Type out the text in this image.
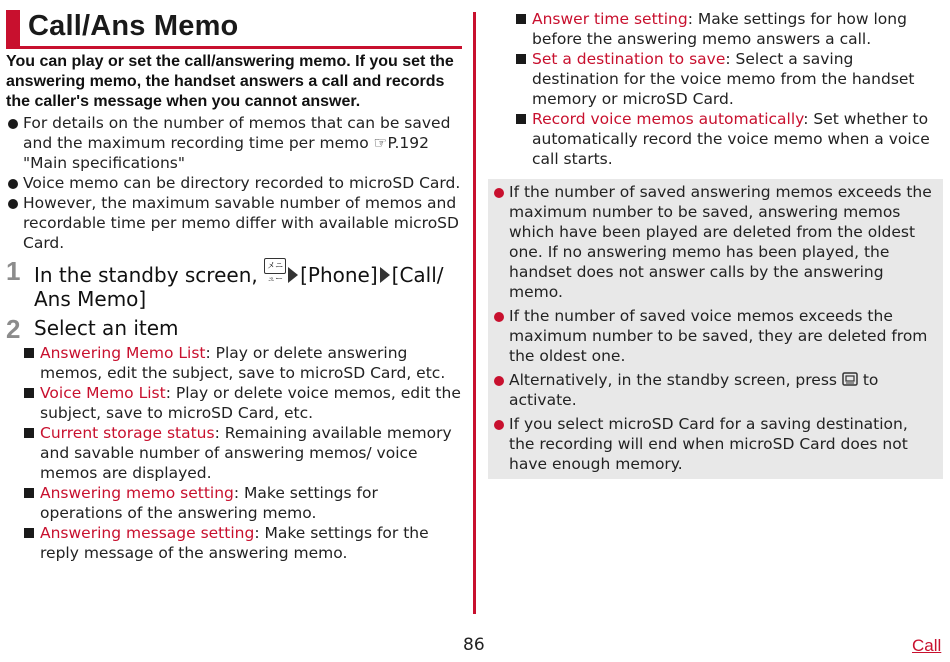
Call/Ans Memo

You can play or set the call/answering memo. If you set the answering memo, the handset answers a call and records the caller's message when you cannot answer.

For details on the number of memos that can be saved and the maximum recording time per memo ☞P.192 "Main specifications"
Voice memo can be directory recorded to microSD Card.
However, the maximum savable number of memos and recordable time per memo differ with available microSD Card.
1 In the standby screen, メニュー [Phone] [Call/ Ans Memo]
2 Select an item
Answering Memo List: Play or delete answering memos, edit the subject, save to microSD Card, etc.
Voice Memo List: Play or delete voice memos, edit the subject, save to microSD Card, etc.
Current storage status: Remaining available memory and savable number of answering memos/ voice memos are displayed.
Answering memo setting: Make settings for operations of the answering memo.
Answering message setting: Make settings for the reply message of the answering memo.
Answer time setting: Make settings for how long before the answering memo answers a call.
Set a destination to save: Select a saving destination for the voice memo from the handset memory or microSD Card.
Record voice memos automatically: Set whether to automatically record the voice memo when a voice call starts.
If the number of saved answering memos exceeds the maximum number to be saved, answering memos which have been played are deleted from the oldest one. If no answering memo has been played, the handset does not answer calls by the answering memo.
If the number of saved voice memos exceeds the maximum number to be saved, they are deleted from the oldest one.
Alternatively, in the standby screen, press  to activate.
If you select microSD Card for a saving destination, the recording will end when microSD Card does not have enough memory.
86	Call
